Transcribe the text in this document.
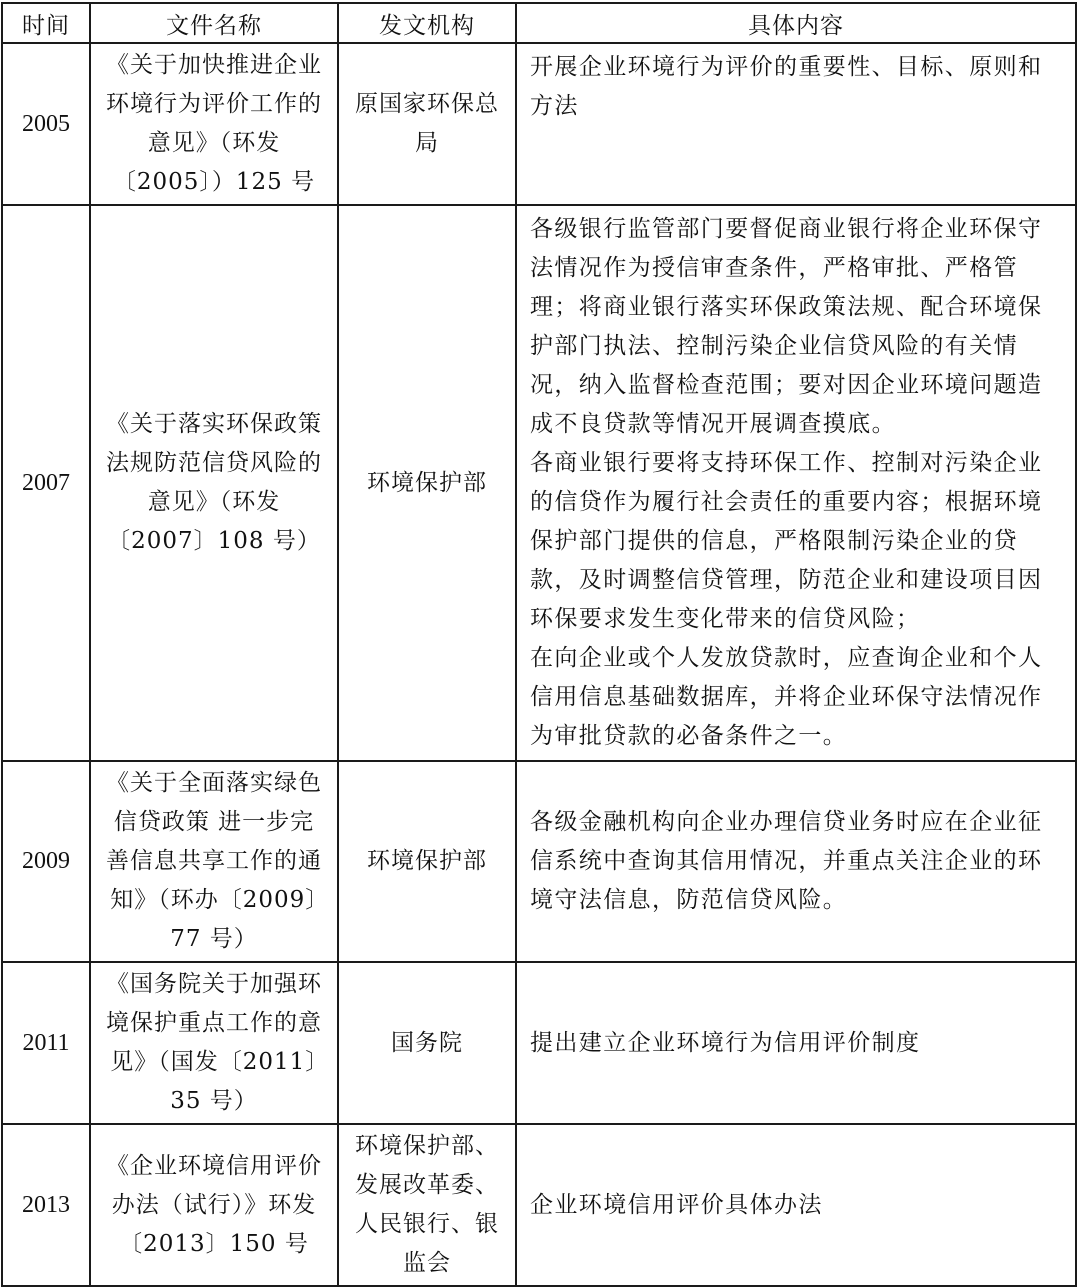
时间	文件名称	发文机构	具体内容
2005	《关于加快推进企业环境行为评价工作的意见》（环发〔2005〕）125 号	原国家环保总局	开展企业环境行为评价的重要性、目标、原则和方法

2007	《关于落实环保政策法规防范信贷风险的意见》（环发〔2007〕108 号）	环境保护部	各级银行监管部门要督促商业银行将企业环保守法情况作为授信审查条件，严格审批、严格管理；将商业银行落实环保政策法规、配合环境保护部门执法、控制污染企业信贷风险的有关情况，纳入监督检查范围；要对因企业环境问题造成不良贷款等情况开展调查摸底。
各商业银行要将支持环保工作、控制对污染企业的信贷作为履行社会责任的重要内容；根据环境保护部门提供的信息，严格限制污染企业的贷款，及时调整信贷管理，防范企业和建设项目因环保要求发生变化带来的信贷风险；
在向企业或个人发放贷款时，应查询企业和个人信用信息基础数据库，并将企业环保守法情况作为审批贷款的必备条件之一。

2009	《关于全面落实绿色信贷政策 进一步完善信息共享工作的通知》（环办〔2009〕77 号）	环境保护部	各级金融机构向企业办理信贷业务时应在企业征信系统中查询其信用情况，并重点关注企业的环境守法信息，防范信贷风险。

2011	《国务院关于加强环境保护重点工作的意见》（国发〔2011〕35 号）	国务院	提出建立企业环境行为信用评价制度

2013	《企业环境信用评价办法（试行）》环发〔2013〕150 号	环境保护部、发展改革委、人民银行、银监会	企业环境信用评价具体办法
